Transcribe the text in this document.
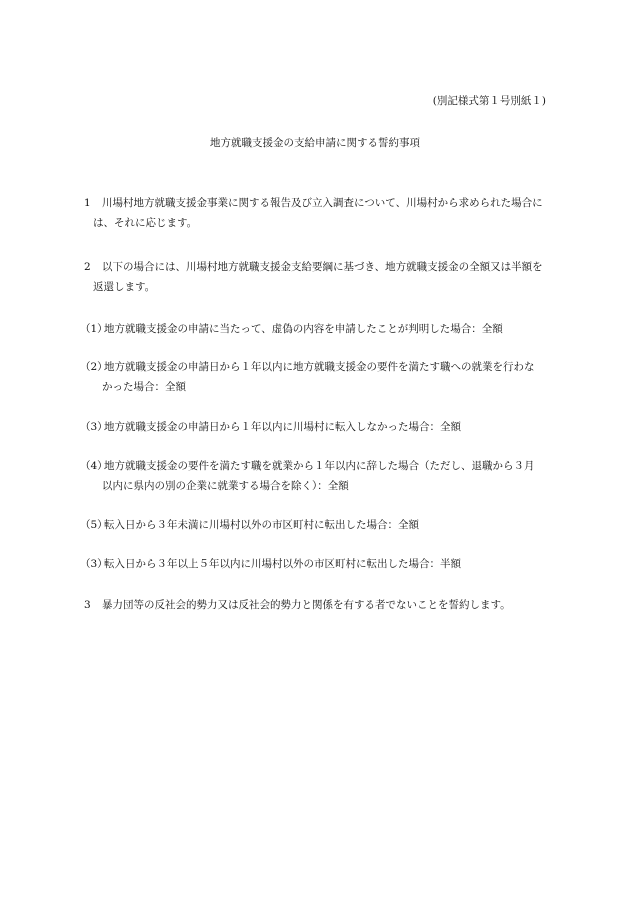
(別記様式第１号別紙１)
地方就職支援金の支給申請に関する誓約事項
1 川場村地方就職支援金事業に関する報告及び立入調査について、川場村から求められた場合に
は、それに応じます。
2 以下の場合には、川場村地方就職支援金支給要綱に基づき、地方就職支援金の全額又は半額を
返還します。
（1）地方就職支援金の申請に当たって、虚偽の内容を申請したことが判明した場合：全額
（2）地方就職支援金の申請日から１年以内に地方就職支援金の要件を満たす職への就業を行わな
かった場合：全額
（3）地方就職支援金の申請日から１年以内に川場村に転入しなかった場合：全額
（4）地方就職支援金の要件を満たす職を就業から１年以内に辞した場合（ただし、退職から３月
以内に県内の別の企業に就業する場合を除く）：全額
（5）転入日から３年未満に川場村以外の市区町村に転出した場合：全額
（3）転入日から３年以上５年以内に川場村以外の市区町村に転出した場合：半額
3 暴力団等の反社会的勢力又は反社会的勢力と関係を有する者でないことを誓約します。
